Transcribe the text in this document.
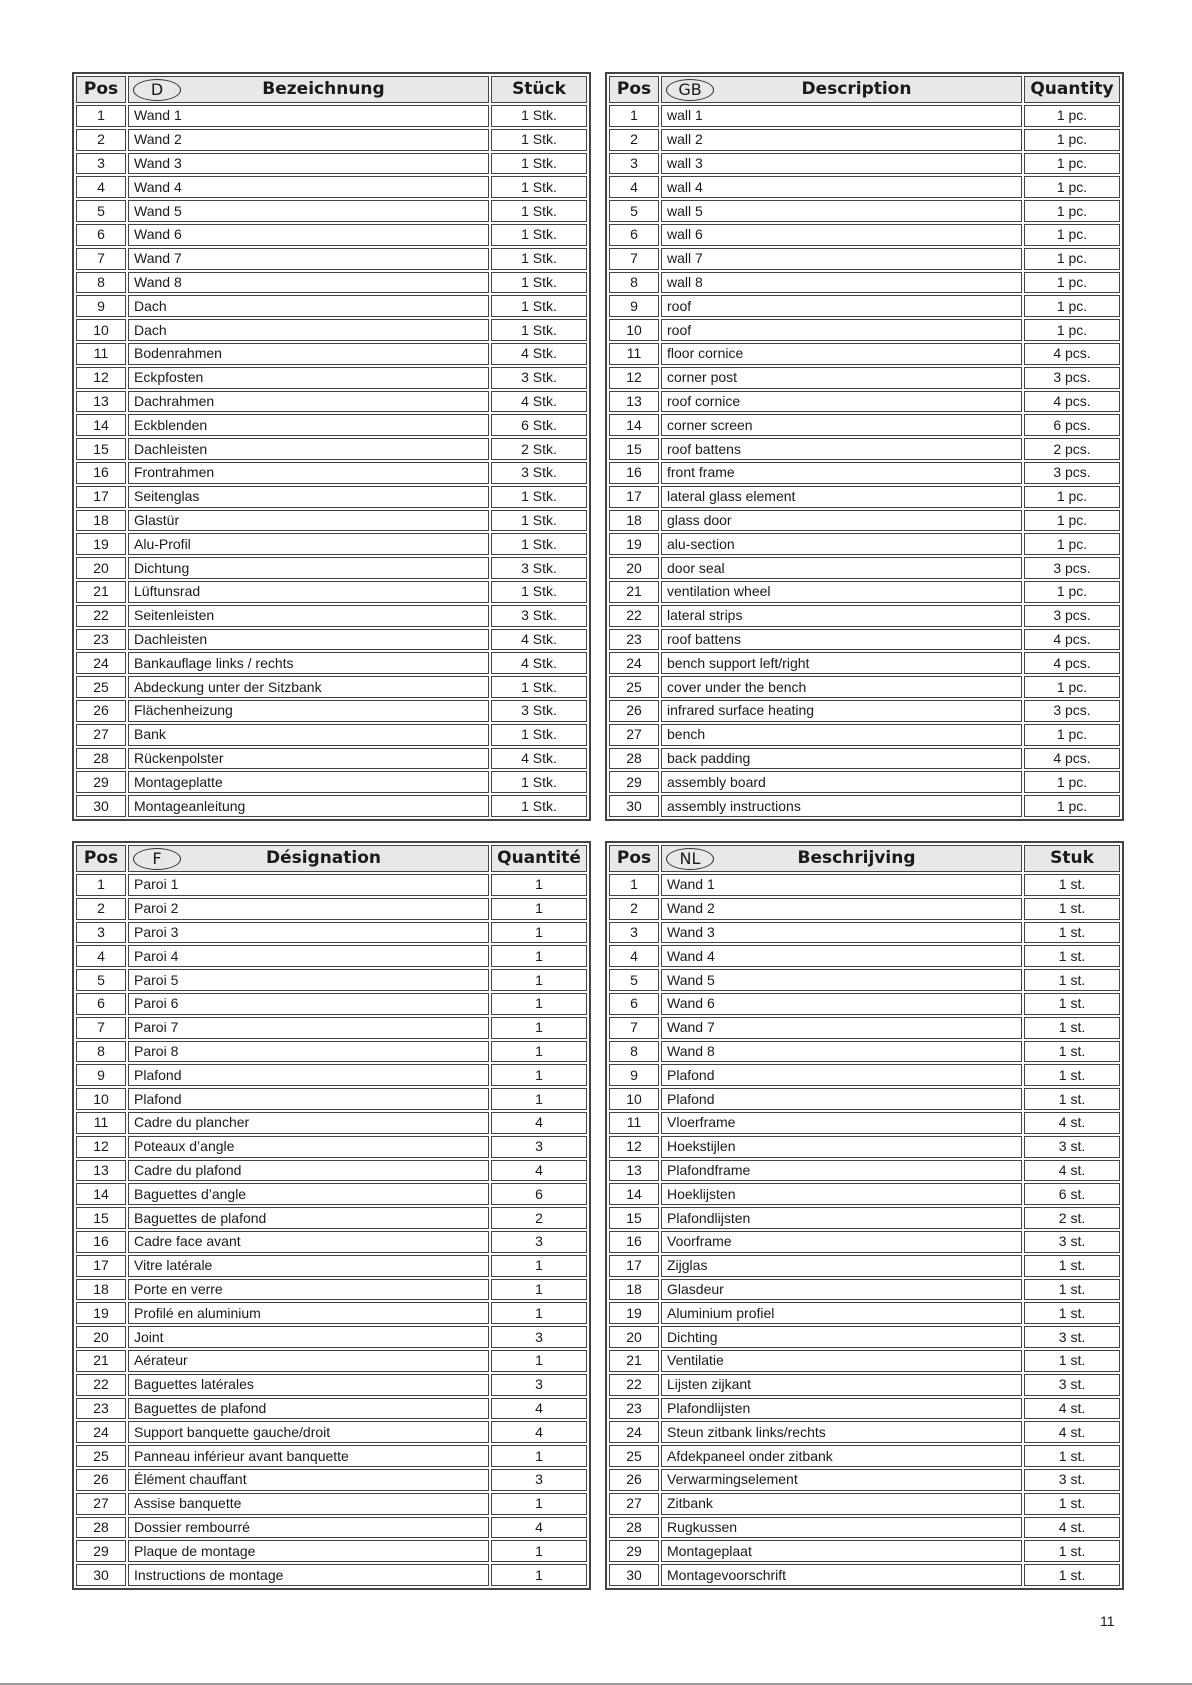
Pos	D Bezeichnung	Stück
1	Wand 1	1 Stk.
2	Wand 2	1 Stk.
3	Wand 3	1 Stk.
4	Wand 4	1 Stk.
5	Wand 5	1 Stk.
6	Wand 6	1 Stk.
7	Wand 7	1 Stk.
8	Wand 8	1 Stk.
9	Dach	1 Stk.
10	Dach	1 Stk.
11	Bodenrahmen	4 Stk.
12	Eckpfosten	3 Stk.
13	Dachrahmen	4 Stk.
14	Eckblenden	6 Stk.
15	Dachleisten	2 Stk.
16	Frontrahmen	3 Stk.
17	Seitenglas	1 Stk.
18	Glastür	1 Stk.
19	Alu-Profil	1 Stk.
20	Dichtung	3 Stk.
21	Lüftunsrad	1 Stk.
22	Seitenleisten	3 Stk.
23	Dachleisten	4 Stk.
24	Bankauflage links / rechts	4 Stk.
25	Abdeckung unter der Sitzbank	1 Stk.
26	Flächenheizung	3 Stk.
27	Bank	1 Stk.
28	Rückenpolster	4 Stk.
29	Montageplatte	1 Stk.
30	Montageanleitung	1 Stk.
Pos	GB Description	Quantity
1	wall 1	1 pc.
2	wall 2	1 pc.
3	wall 3	1 pc.
4	wall 4	1 pc.
5	wall 5	1 pc.
6	wall 6	1 pc.
7	wall 7	1 pc.
8	wall 8	1 pc.
9	roof	1 pc.
10	roof	1 pc.
11	floor cornice	4 pcs.
12	corner post	3 pcs.
13	roof cornice	4 pcs.
14	corner screen	6 pcs.
15	roof battens	2 pcs.
16	front frame	3 pcs.
17	lateral glass element	1 pc.
18	glass door	1 pc.
19	alu-section	1 pc.
20	door seal	3 pcs.
21	ventilation wheel	1 pc.
22	lateral strips	3 pcs.
23	roof battens	4 pcs.
24	bench support left/right	4 pcs.
25	cover under the bench	1 pc.
26	infrared surface heating	3 pcs.
27	bench	1 pc.
28	back padding	4 pcs.
29	assembly board	1 pc.
30	assembly instructions	1 pc.
Pos	F Désignation	Quantité
1	Paroi 1	1
2	Paroi 2	1
3	Paroi 3	1
4	Paroi 4	1
5	Paroi 5	1
6	Paroi 6	1
7	Paroi 7	1
8	Paroi 8	1
9	Plafond	1
10	Plafond	1
11	Cadre du plancher	4
12	Poteaux d’angle	3
13	Cadre du plafond	4
14	Baguettes d’angle	6
15	Baguettes de plafond	2
16	Cadre face avant	3
17	Vitre latérale	1
18	Porte en verre	1
19	Profilé en aluminium	1
20	Joint	3
21	Aérateur	1
22	Baguettes latérales	3
23	Baguettes de plafond	4
24	Support banquette gauche/droit	4
25	Panneau inférieur avant banquette	1
26	Élément chauffant	3
27	Assise banquette	1
28	Dossier rembourré	4
29	Plaque de montage	1
30	Instructions de montage	1
Pos	NL Beschrijving	Stuk
1	Wand 1	1 st.
2	Wand 2	1 st.
3	Wand 3	1 st.
4	Wand 4	1 st.
5	Wand 5	1 st.
6	Wand 6	1 st.
7	Wand 7	1 st.
8	Wand 8	1 st.
9	Plafond	1 st.
10	Plafond	1 st.
11	Vloerframe	4 st.
12	Hoekstijlen	3 st.
13	Plafondframe	4 st.
14	Hoeklijsten	6 st.
15	Plafondlijsten	2 st.
16	Voorframe	3 st.
17	Zijglas	1 st.
18	Glasdeur	1 st.
19	Aluminium profiel	1 st.
20	Dichting	3 st.
21	Ventilatie	1 st.
22	Lijsten zijkant	3 st.
23	Plafondlijsten	4 st.
24	Steun zitbank links/rechts	4 st.
25	Afdekpaneel onder zitbank	1 st.
26	Verwarmingselement	3 st.
27	Zitbank	1 st.
28	Rugkussen	4 st.
29	Montageplaat	1 st.
30	Montagevoorschrift	1 st.
11
